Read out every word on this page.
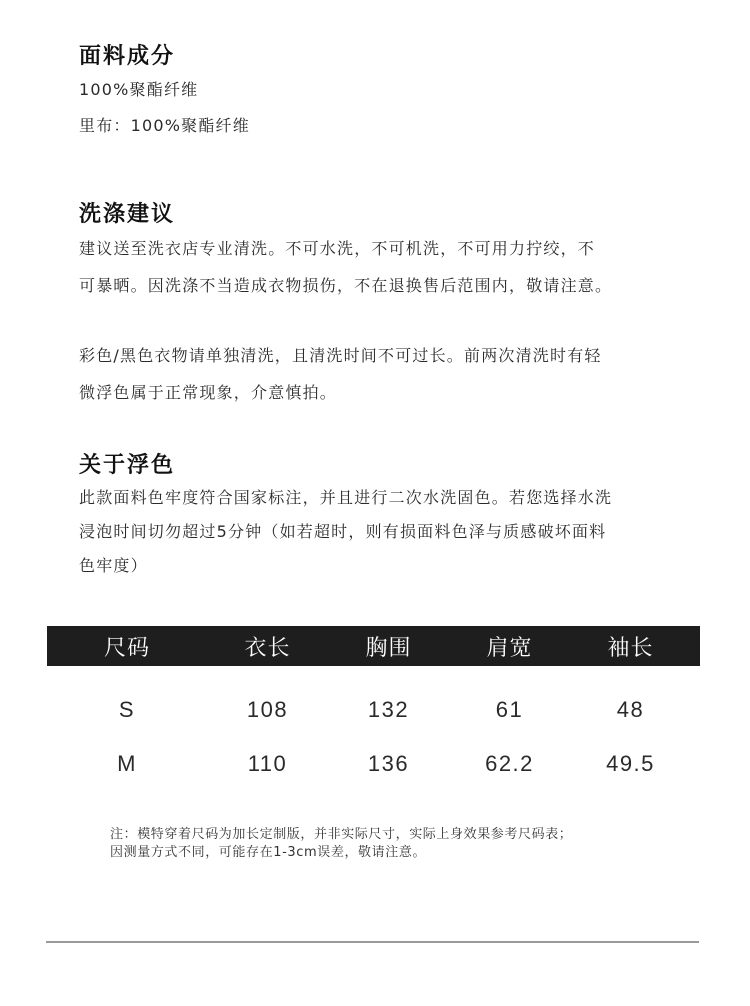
面料成分

100%聚酯纤维

里布：100%聚酯纤维

洗涤建议

建议送至洗衣店专业清洗。不可水洗，不可机洗，不可用力拧绞，不

可暴晒。因洗涤不当造成衣物损伤，不在退换售后范围内，敬请注意。

彩色/黑色衣物请单独清洗，且清洗时间不可过长。前两次清洗时有轻

微浮色属于正常现象，介意慎拍。

关于浮色

此款面料色牢度符合国家标注，并且进行二次水洗固色。若您选择水洗

浸泡时间切勿超过5分钟（如若超时，则有损面料色泽与质感破坏面料

色牢度）

尺码	衣长	胸围	肩宽	袖长
S	108	132	61	48
M	110	136	62.2	49.5

注：模特穿着尺码为加长定制版，并非实际尺寸，实际上身效果参考尺码表；

因测量方式不同，可能存在1-3cm误差，敬请注意。
